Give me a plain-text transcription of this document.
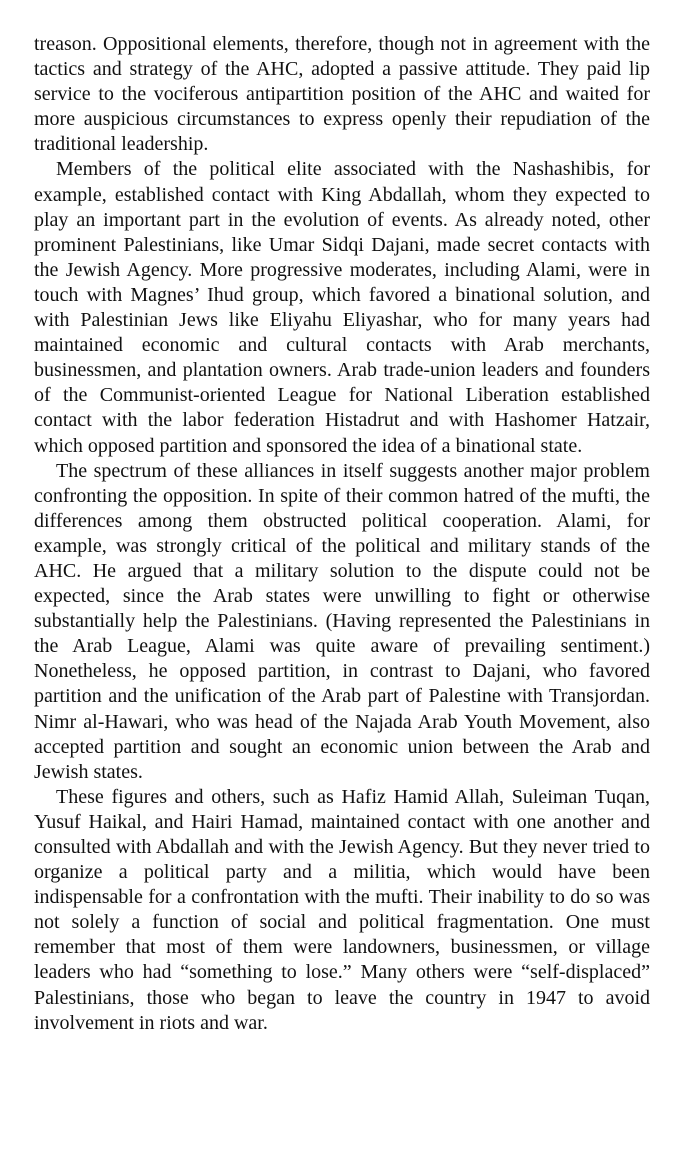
treason. Oppositional elements, therefore, though not in agreement with the tactics and strategy of the AHC, adopted a passive attitude. They paid lip service to the vociferous antipartition position of the AHC and waited for more auspicious circumstances to express openly their repudiation of the traditional leadership.

Members of the political elite associated with the Nashashibis, for example, established contact with King Abdallah, whom they expected to play an important part in the evolution of events. As already noted, other prominent Palestinians, like Umar Sidqi Dajani, made secret contacts with the Jewish Agency. More progressive moderates, including Alami, were in touch with Magnes’ Ihud group, which favored a binational solution, and with Palestinian Jews like Eliyahu Eliyashar, who for many years had maintained economic and cultural contacts with Arab merchants, businessmen, and plantation owners. Arab trade-union leaders and founders of the Communist-oriented League for National Liberation established contact with the labor federation Histadrut and with Hashomer Hatzair, which opposed partition and sponsored the idea of a binational state.

The spectrum of these alliances in itself suggests another major problem confronting the opposition. In spite of their common hatred of the mufti, the differences among them obstructed political cooperation. Alami, for example, was strongly critical of the political and military stands of the AHC. He argued that a military solution to the dispute could not be expected, since the Arab states were unwilling to fight or otherwise substantially help the Palestinians. (Having represented the Palestinians in the Arab League, Alami was quite aware of prevailing sentiment.) Nonetheless, he opposed partition, in contrast to Dajani, who favored partition and the unification of the Arab part of Palestine with Transjordan. Nimr al-Hawari, who was head of the Najada Arab Youth Movement, also accepted partition and sought an economic union between the Arab and Jewish states.

These figures and others, such as Hafiz Hamid Allah, Suleiman Tuqan, Yusuf Haikal, and Hairi Hamad, maintained contact with one another and consulted with Abdallah and with the Jewish Agency. But they never tried to organize a political party and a militia, which would have been indispensable for a confrontation with the mufti. Their inability to do so was not solely a function of social and political fragmentation. One must remember that most of them were landowners, businessmen, or village leaders who had “something to lose.” Many others were “self-displaced” Palestinians, those who began to leave the country in 1947 to avoid involvement in riots and war.
